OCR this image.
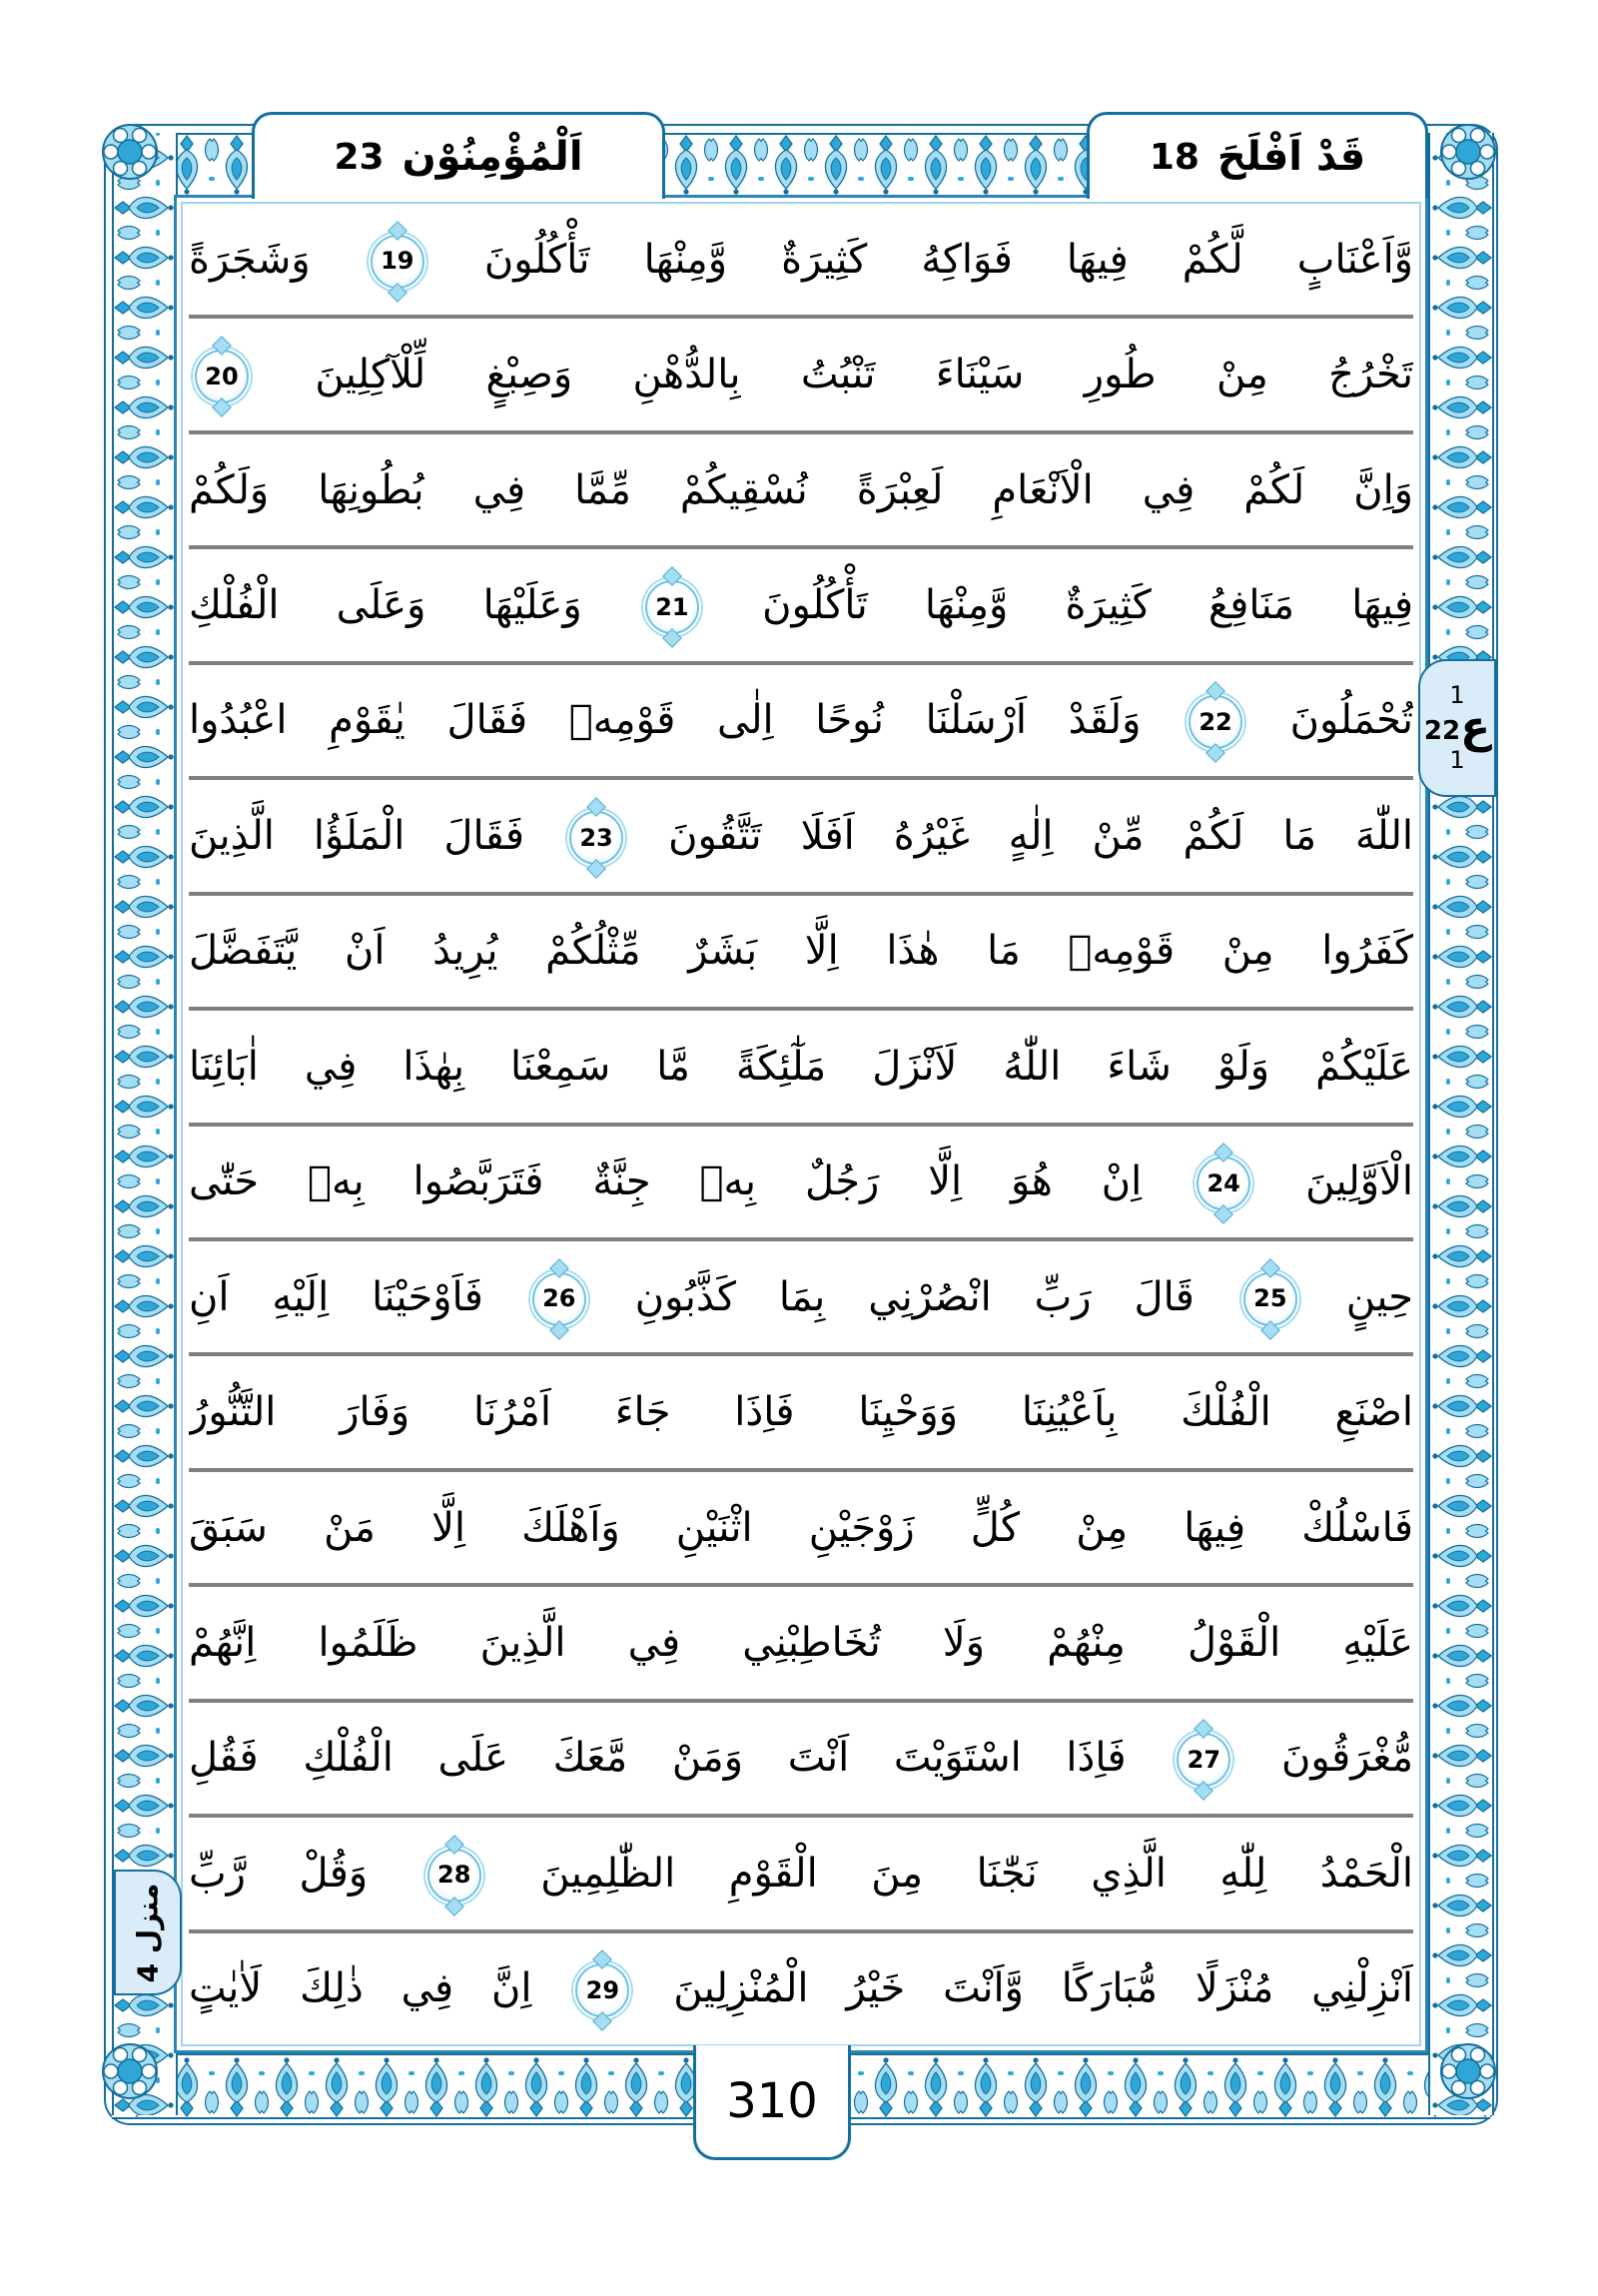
اَلْمُؤْمِنُوْن
23	قَدْ اَفْلَحَ
18
وَّاَعْنَابٍ لَّكُمْ فِيهَا فَوَاكِهُ كَثِيرَةٌ وَّمِنْهَا تَأْكُلُونَ
19
وَشَجَرَةً
تَخْرُجُ مِنْ طُورِ سَيْنَاءَ تَنْبُتُ بِالدُّهْنِ وَصِبْغٍ لِّلْآكِلِينَ
20
وَاِنَّ لَكُمْ فِي الْاَنْعَامِ لَعِبْرَةً نُسْقِيكُمْ مِّمَّا فِي بُطُونِهَا وَلَكُمْ
فِيهَا مَنَافِعُ كَثِيرَةٌ وَّمِنْهَا تَأْكُلُونَ
21
وَعَلَيْهَا وَعَلَى الْفُلْكِ
تُحْمَلُونَ
22
وَلَقَدْ اَرْسَلْنَا نُوحًا اِلٰى قَوْمِهٖ فَقَالَ يٰقَوْمِ اعْبُدُوا
اللّٰهَ مَا لَكُمْ مِّنْ اِلٰهٍ غَيْرُهُ اَفَلَا تَتَّقُونَ
23
فَقَالَ الْمَلَؤُا الَّذِينَ
كَفَرُوا مِنْ قَوْمِهٖ مَا هٰذَا اِلَّا بَشَرٌ مِّثْلُكُمْ يُرِيدُ اَنْ يَّتَفَضَّلَ
عَلَيْكُمْ وَلَوْ شَاءَ اللّٰهُ لَاَنْزَلَ مَلٰٓئِكَةً مَّا سَمِعْنَا بِهٰذَا فِي اٰبَائِنَا
الْاَوَّلِينَ
24
اِنْ هُوَ اِلَّا رَجُلٌ بِهٖ جِنَّةٌ فَتَرَبَّصُوا بِهٖ حَتّٰى
حِينٍ
25
قَالَ رَبِّ انْصُرْنِي بِمَا كَذَّبُونِ
26
فَاَوْحَيْنَا اِلَيْهِ اَنِ
اصْنَعِ الْفُلْكَ بِاَعْيُنِنَا وَوَحْيِنَا فَاِذَا جَاءَ اَمْرُنَا وَفَارَ التَّنُّورُ
فَاسْلُكْ فِيهَا مِنْ كُلٍّ زَوْجَيْنِ اثْنَيْنِ وَاَهْلَكَ اِلَّا مَنْ سَبَقَ
عَلَيْهِ الْقَوْلُ مِنْهُمْ وَلَا تُخَاطِبْنِي فِي الَّذِينَ ظَلَمُوا اِنَّهُمْ
مُّغْرَقُونَ
27
فَاِذَا اسْتَوَيْتَ اَنْتَ وَمَنْ مَّعَكَ عَلَى الْفُلْكِ فَقُلِ
الْحَمْدُ لِلّٰهِ الَّذِي نَجّٰنَا مِنَ الْقَوْمِ الظّٰلِمِينَ
28
وَقُلْ رَّبِّ
اَنْزِلْنِي مُنْزَلًا مُّبَارَكًا وَّاَنْتَ خَيْرُ الْمُنْزِلِينَ
29
اِنَّ فِي ذٰلِكَ لَاٰيٰتٍ
1
ع
22
1
منزل 4
310
